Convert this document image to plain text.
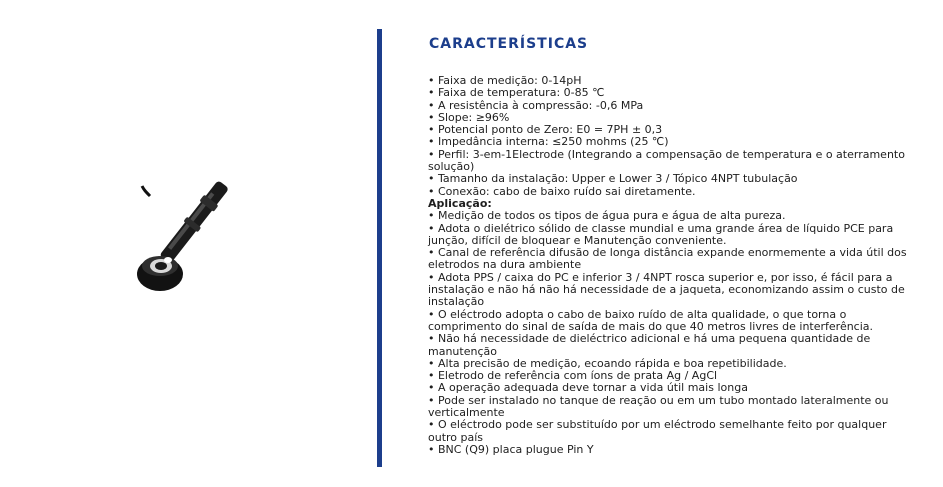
CARACTERÍSTICAS
• Faixa de medição: 0-14pH
• Faixa de temperatura: 0-85 ℃
• A resistência à compressão: -0,6 MPa
• Slope: ≥96%
• Potencial ponto de Zero: E0 = 7PH ± 0,3
• Impedância interna: ≤250 mohms (25 ℃)
• Perfil: 3-em-1Electrode (Integrando a compensação de temperatura e o aterramento solução)
• Tamanho da instalação: Upper e Lower 3 / Tópico 4NPT tubulação
• Conexão: cabo de baixo ruído sai diretamente.
Aplicação:
• Medição de todos os tipos de água pura e água de alta pureza.
• Adota o dielétrico sólido de classe mundial e uma grande área de líquido PCE para junção, difícil de bloquear e Manutenção conveniente.
• Canal de referência difusão de longa distância expande enormemente a vida útil dos eletrodos na dura ambiente
• Adota PPS / caixa do PC e inferior 3 / 4NPT rosca superior e, por isso, é fácil para a instalação e não há não há necessidade de a jaqueta, economizando assim o custo de instalação
• O eléctrodo adopta o cabo de baixo ruído de alta qualidade, o que torna o comprimento do sinal de saída de mais do que 40 metros livres de interferência.
• Não há necessidade de dieléctrico adicional e há uma pequena quantidade de manutenção
• Alta precisão de medição, ecoando rápida e boa repetibilidade.
• Eletrodo de referência com íons de prata Ag / AgCl
• A operação adequada deve tornar a vida útil mais longa
• Pode ser instalado no tanque de reação ou em um tubo montado lateralmente ou verticalmente
• O eléctrodo pode ser substituído por um eléctrodo semelhante feito por qualquer outro país
• BNC (Q9) placa plugue Pin Y
